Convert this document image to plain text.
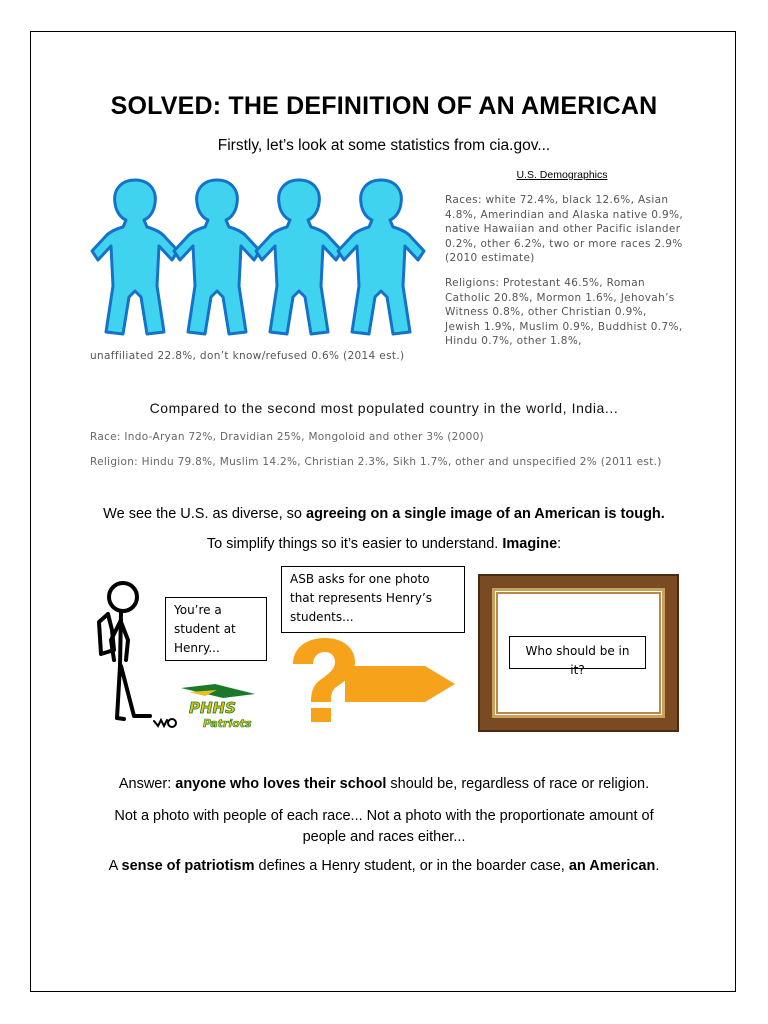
SOLVED: THE DEFINITION OF AN AMERICAN
Firstly, let’s look at some statistics from cia.gov...
U.S. Demographics
Races: white 72.4%, black 12.6%, Asian 4.8%, Amerindian and Alaska native 0.9%, native Hawaiian and other Pacific islander 0.2%, other 6.2%, two or more races 2.9% (2010 estimate)
Religions: Protestant 46.5%, Roman Catholic 20.8%, Mormon 1.6%, Jehovah’s Witness 0.8%, other Christian 0.9%, Jewish 1.9%, Muslim 0.9%, Buddhist 0.7%, Hindu 0.7%, other 1.8%,
unaffiliated 22.8%, don’t know/refused 0.6% (2014 est.)
Compared to the second most populated country in the world, India...
Race: Indo-Aryan 72%, Dravidian 25%, Mongoloid and other 3% (2000)
Religion: Hindu 79.8%, Muslim 14.2%, Christian 2.3%, Sikh 1.7%, other and unspecified 2% (2011 est.)
We see the U.S. as diverse, so agreeing on a single image of an American is tough.
To simplify things so it’s easier to understand. Imagine:
You’re a student at Henry...
PHHS
Patriots
ASB asks for one photo that represents Henry’s students...
Who should be in it?
Answer: anyone who loves their school should be, regardless of race or religion.
Not a photo with people of each race... Not a photo with the proportionate amount of
people and races either...
A sense of patriotism defines a Henry student, or in the boarder case, an American.
